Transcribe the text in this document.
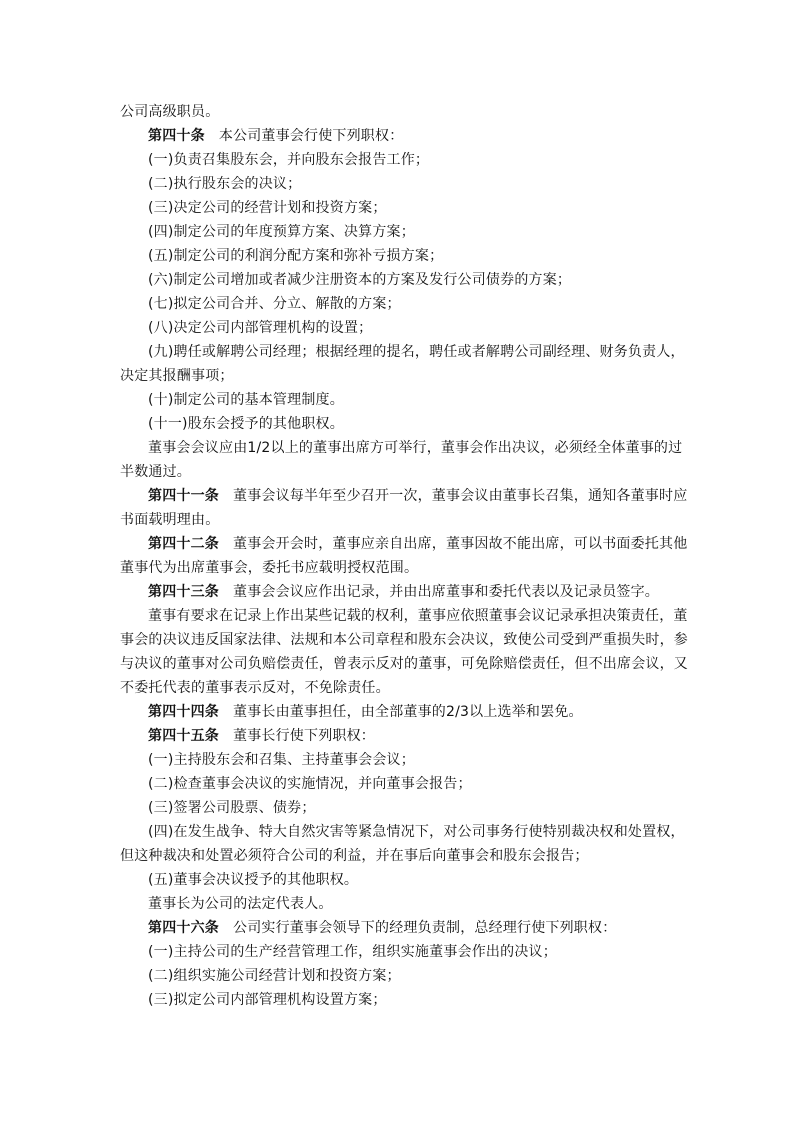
公司高级职员。
第四十条 本公司董事会行使下列职权：
(一)负责召集股东会，并向股东会报告工作；
(二)执行股东会的决议；
(三)决定公司的经营计划和投资方案；
(四)制定公司的年度预算方案、决算方案；
(五)制定公司的利润分配方案和弥补亏损方案；
(六)制定公司增加或者减少注册资本的方案及发行公司债券的方案；
(七)拟定公司合并、分立、解散的方案；
(八)决定公司内部管理机构的设置；
(九)聘任或解聘公司经理；根据经理的提名，聘任或者解聘公司副经理、财务负责人，
决定其报酬事项；
(十)制定公司的基本管理制度。
(十一)股东会授予的其他职权。
董事会会议应由1/2以上的董事出席方可举行，董事会作出决议，必须经全体董事的过
半数通过。
第四十一条 董事会议每半年至少召开一次，董事会议由董事长召集，通知各董事时应
书面载明理由。
第四十二条 董事会开会时，董事应亲自出席，董事因故不能出席，可以书面委托其他
董事代为出席董事会，委托书应载明授权范围。
第四十三条 董事会会议应作出记录，并由出席董事和委托代表以及记录员签字。
董事有要求在记录上作出某些记载的权利，董事应依照董事会议记录承担决策责任，董
事会的决议违反国家法律、法规和本公司章程和股东会决议，致使公司受到严重损失时，参
与决议的董事对公司负赔偿责任，曾表示反对的董事，可免除赔偿责任，但不出席会议，又
不委托代表的董事表示反对，不免除责任。
第四十四条 董事长由董事担任，由全部董事的2/3以上选举和罢免。
第四十五条 董事长行使下列职权：
(一)主持股东会和召集、主持董事会会议；
(二)检查董事会决议的实施情况，并向董事会报告；
(三)签署公司股票、债券；
(四)在发生战争、特大自然灾害等紧急情况下，对公司事务行使特别裁决权和处置权，
但这种裁决和处置必须符合公司的利益，并在事后向董事会和股东会报告；
(五)董事会决议授予的其他职权。
董事长为公司的法定代表人。
第四十六条 公司实行董事会领导下的经理负责制，总经理行使下列职权：
(一)主持公司的生产经营管理工作，组织实施董事会作出的决议；
(二)组织实施公司经营计划和投资方案；
(三)拟定公司内部管理机构设置方案；
